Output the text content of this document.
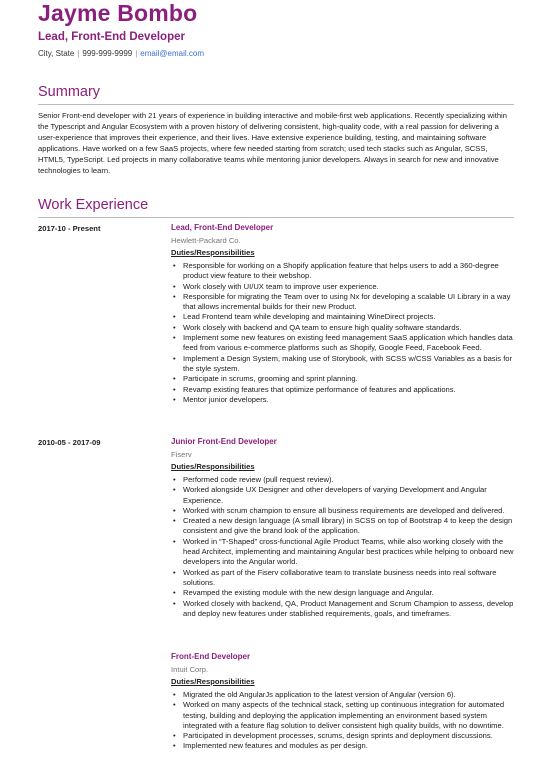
Jayme Bombo
Lead, Front-End Developer
City, State | 999-999-9999 | email@email.com
Summary

Senior Front-end developer with 21 years of experience in building interactive and mobile-first web applications. Recently specializing within the Typescript and Angular Ecosystem with a proven history of delivering consistent, high-quality code, with a real passion for delivering a user-experience that improves their experience, and their lives. Have extensive experience building, testing, and maintaining software applications. Have worked on a few SaaS projects, where few needed starting from scratch; used tech stacks such as Angular, SCSS, HTML5, TypeScript. Led projects in many collaborative teams while mentoring junior developers. Always in search for new and innovative technologies to learn.

Work Experience
2017-10 - Present	Lead, Front-End Developer
Hewlett-Packard Co.
Duties/Responsibilities
• Responsible for working on a Shopify application feature that helps users to add a 360-degree product view feature to their webshop.
• Work closely with UI/UX team to improve user experience.
• Responsible for migrating the Team over to using Nx for developing a scalable UI Library in a way that allows incremental builds for their new Product.
• Lead Frontend team while developing and maintaining WineDirect projects.
• Work closely with backend and QA team to ensure high quality software standards.
• Implement some new features on existing feed management SaaS application which handles data feed from various e-commerce platforms such as Shopify, Google Feed, Facebook Feed.
• Implement a Design System, making use of Storybook, with SCSS w/CSS Variables as a basis for the style system.
• Participate in scrums, grooming and sprint planning.
• Revamp existing features that optimize performance of features and applications.
• Mentor junior developers.
2010-05 - 2017-09	Junior Front-End Developer
Fiserv
Duties/Responsibilities
• Performed code review (pull request review).
• Worked alongside UX Designer and other developers of varying Development and Angular Experience.
• Worked with scrum champion to ensure all business requirements are developed and delivered.
• Created a new design language (A small library) in SCSS on top of Bootstrap 4 to keep the design consistent and give the brand look of the application.
• Worked in “T-Shaped” cross-functional Agile Product Teams, while also working closely with the head Architect, implementing and maintaining Angular best practices while helping to onboard new developers into the Angular world.
• Worked as part of the Fiserv collaborative team to translate business needs into real software solutions.
• Revamped the existing module with the new design language and Angular.
• Worked closely with backend, QA, Product Management and Scrum Champion to assess, develop and deploy new features under stablished requirements, goals, and timeframes.
Front-End Developer
Intuit Corp.
Duties/Responsibilities
• Migrated the old AngularJs application to the latest version of Angular (version 6).
• Worked on many aspects of the technical stack, setting up continuous integration for automated testing, building and deploying the application implementing an environment based system integrated with a feature flag solution to deliver consistent high quality builds, with no downtime.
• Participated in development processes, scrums, design sprints and deployment discussions.
• Implemented new features and modules as per design.
